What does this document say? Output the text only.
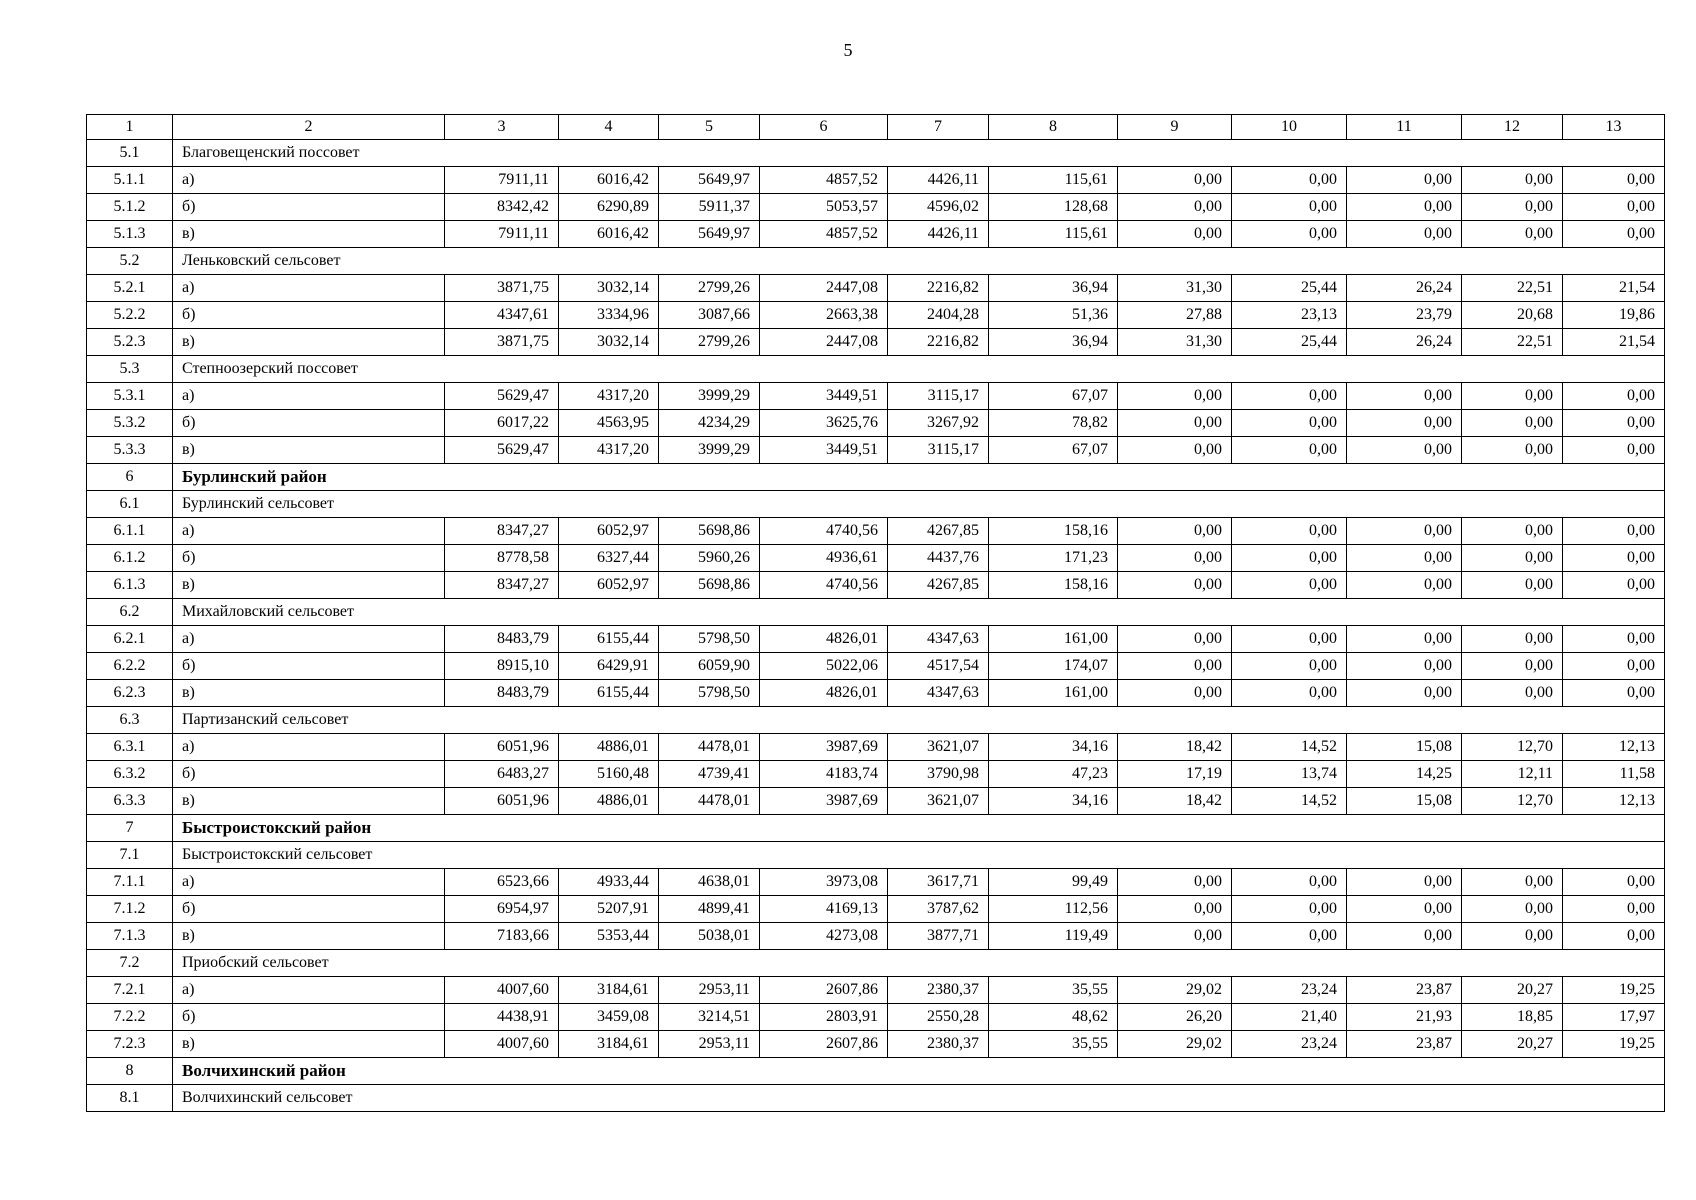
5
1	2	3	4	5	6	7	8	9	10	11	12	13
5.1	Благовещенский поссовет											
5.1.1	а)	7911,11	6016,42	5649,97	4857,52	4426,11	115,61	0,00	0,00	0,00	0,00	0,00
5.1.2	б)	8342,42	6290,89	5911,37	5053,57	4596,02	128,68	0,00	0,00	0,00	0,00	0,00
5.1.3	в)	7911,11	6016,42	5649,97	4857,52	4426,11	115,61	0,00	0,00	0,00	0,00	0,00
5.2	Леньковский сельсовет											
5.2.1	а)	3871,75	3032,14	2799,26	2447,08	2216,82	36,94	31,30	25,44	26,24	22,51	21,54
5.2.2	б)	4347,61	3334,96	3087,66	2663,38	2404,28	51,36	27,88	23,13	23,79	20,68	19,86
5.2.3	в)	3871,75	3032,14	2799,26	2447,08	2216,82	36,94	31,30	25,44	26,24	22,51	21,54
5.3	Степноозерский поссовет											
5.3.1	а)	5629,47	4317,20	3999,29	3449,51	3115,17	67,07	0,00	0,00	0,00	0,00	0,00
5.3.2	б)	6017,22	4563,95	4234,29	3625,76	3267,92	78,82	0,00	0,00	0,00	0,00	0,00
5.3.3	в)	5629,47	4317,20	3999,29	3449,51	3115,17	67,07	0,00	0,00	0,00	0,00	0,00
6	Бурлинский район											
6.1	Бурлинский сельсовет											
6.1.1	а)	8347,27	6052,97	5698,86	4740,56	4267,85	158,16	0,00	0,00	0,00	0,00	0,00
6.1.2	б)	8778,58	6327,44	5960,26	4936,61	4437,76	171,23	0,00	0,00	0,00	0,00	0,00
6.1.3	в)	8347,27	6052,97	5698,86	4740,56	4267,85	158,16	0,00	0,00	0,00	0,00	0,00
6.2	Михайловский сельсовет											
6.2.1	а)	8483,79	6155,44	5798,50	4826,01	4347,63	161,00	0,00	0,00	0,00	0,00	0,00
6.2.2	б)	8915,10	6429,91	6059,90	5022,06	4517,54	174,07	0,00	0,00	0,00	0,00	0,00
6.2.3	в)	8483,79	6155,44	5798,50	4826,01	4347,63	161,00	0,00	0,00	0,00	0,00	0,00
6.3	Партизанский сельсовет											
6.3.1	а)	6051,96	4886,01	4478,01	3987,69	3621,07	34,16	18,42	14,52	15,08	12,70	12,13
6.3.2	б)	6483,27	5160,48	4739,41	4183,74	3790,98	47,23	17,19	13,74	14,25	12,11	11,58
6.3.3	в)	6051,96	4886,01	4478,01	3987,69	3621,07	34,16	18,42	14,52	15,08	12,70	12,13
7	Быстроистокский район											
7.1	Быстроистокский сельсовет											
7.1.1	а)	6523,66	4933,44	4638,01	3973,08	3617,71	99,49	0,00	0,00	0,00	0,00	0,00
7.1.2	б)	6954,97	5207,91	4899,41	4169,13	3787,62	112,56	0,00	0,00	0,00	0,00	0,00
7.1.3	в)	7183,66	5353,44	5038,01	4273,08	3877,71	119,49	0,00	0,00	0,00	0,00	0,00
7.2	Приобский сельсовет											
7.2.1	а)	4007,60	3184,61	2953,11	2607,86	2380,37	35,55	29,02	23,24	23,87	20,27	19,25
7.2.2	б)	4438,91	3459,08	3214,51	2803,91	2550,28	48,62	26,20	21,40	21,93	18,85	17,97
7.2.3	в)	4007,60	3184,61	2953,11	2607,86	2380,37	35,55	29,02	23,24	23,87	20,27	19,25
8	Волчихинский район											
8.1	Волчихинский сельсовет											
